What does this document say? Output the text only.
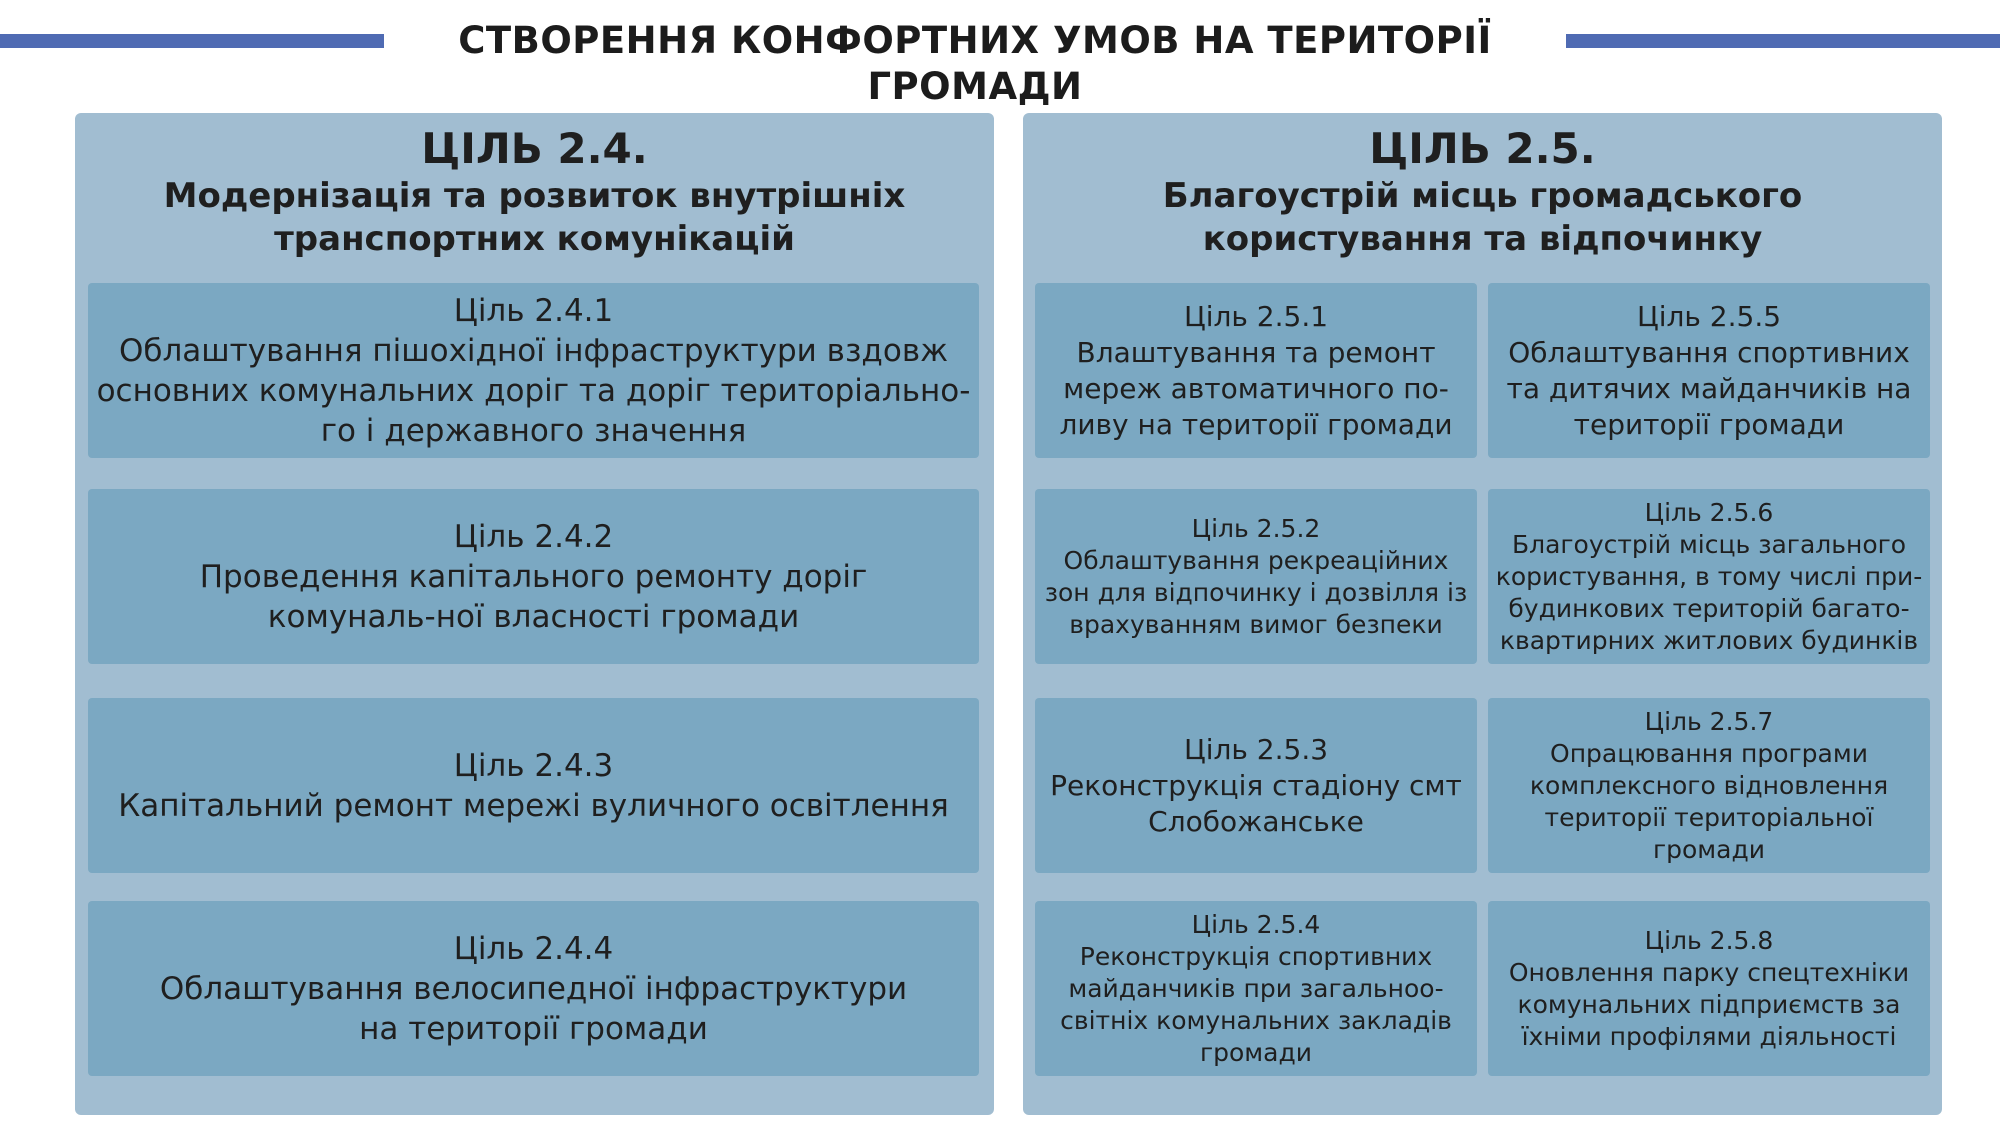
СТВОРЕННЯ КОНФОРТНИХ УМОВ НА ТЕРИТОРІЇ ГРОМАДИ
ЦІЛЬ 2.4.
Модернізація та розвиток внутрішніх транспортних комунікацій
Ціль 2.4.1
Облаштування пішохідної інфраструктури вздовж основних комунальних доріг та доріг територіально-го і державного значення
Ціль 2.4.2
Проведення капітального ремонту доріг комуналь-ної власності громади
Ціль 2.4.3
Капітальний ремонт мережі вуличного освітлення
Ціль 2.4.4
Облаштування велосипедної інфраструктури на території громади
ЦІЛЬ 2.5.
Благоустрій місць громадського користування та відпочинку
Ціль 2.5.1
Влаштування та ремонт мереж автоматичного по-ливу на території громади
Ціль 2.5.2
Облаштування рекреаційних зон для відпочинку і дозвілля із врахуванням вимог безпеки
Ціль 2.5.3
Реконструкція стадіону смт Слобожанське
Ціль 2.5.4
Реконструкція спортивних майданчиків при загальноо-світніх комунальних закладів громади
Ціль 2.5.5
Облаштування спортивних та дитячих майданчиків на території громади
Ціль 2.5.6
Благоустрій місць загального користування, в тому числі при-будинкових територій багато-квартирних житлових будинків
Ціль 2.5.7
Опрацювання програми комплексного відновлення території територіальної громади
Ціль 2.5.8
Оновлення парку спецтехніки комунальних підприємств за їхніми профілями діяльності
